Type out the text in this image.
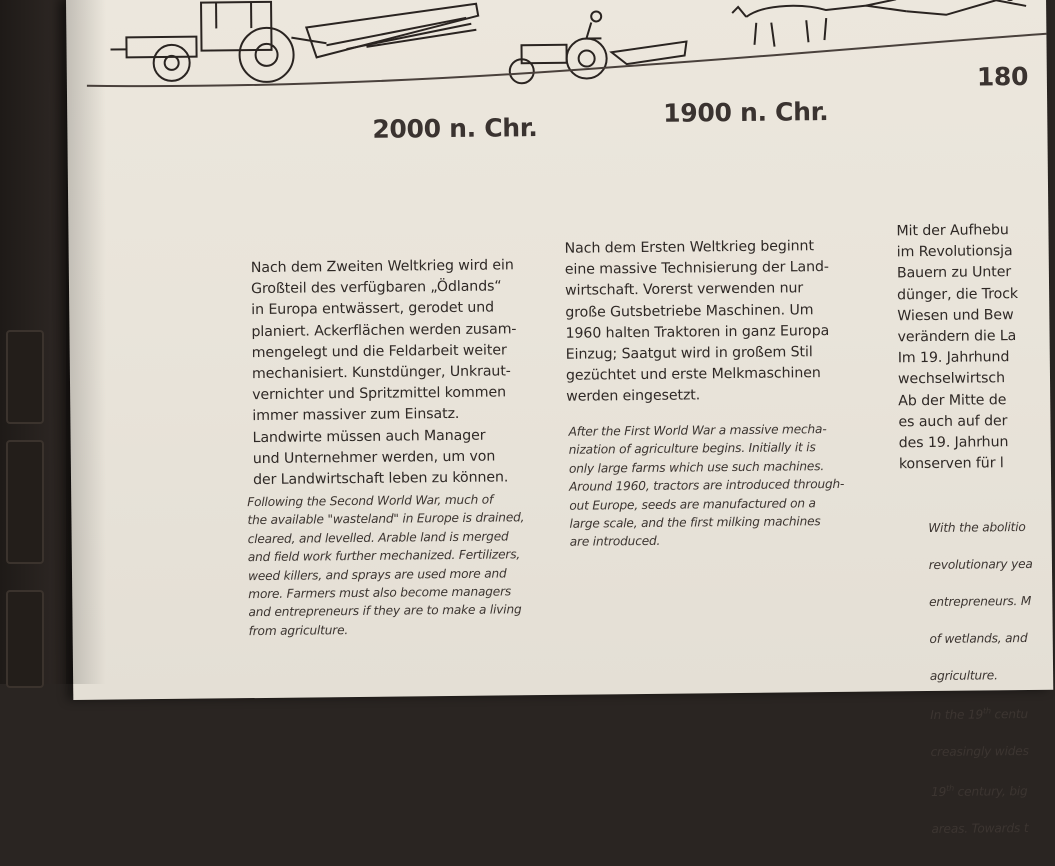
2000 n. Chr.
1900 n. Chr.
180
Nach dem Zweiten Weltkrieg wird ein
Großteil des verfügbaren „Ödlands“
in Europa entwässert, gerodet und
planiert. Ackerflächen werden zusam-
mengelegt und die Feldarbeit weiter
mechanisiert. Kunstdünger, Unkraut-
vernichter und Spritzmittel kommen
immer massiver zum Einsatz.
Landwirte müssen auch Manager
und Unternehmer werden, um von
der Landwirtschaft leben zu können.
Following the Second World War, much of
the available "wasteland" in Europe is drained,
cleared, and levelled. Arable land is merged
and field work further mechanized. Fertilizers,
weed killers, and sprays are used more and
more. Farmers must also become managers
and entrepreneurs if they are to make a living
from agriculture.
Nach dem Ersten Weltkrieg beginnt
eine massive Technisierung der Land-
wirtschaft. Vorerst verwenden nur
große Gutsbetriebe Maschinen. Um
1960 halten Traktoren in ganz Europa
Einzug; Saatgut wird in großem Stil
gezüchtet und erste Melkmaschinen
werden eingesetzt.
After the First World War a massive mecha-
nization of agriculture begins. Initially it is
only large farms which use such machines.
Around 1960, tractors are introduced through-
out Europe, seeds are manufactured on a
large scale, and the first milking machines
are introduced.
Mit der Aufhebu
im Revolutionsja
Bauern zu Unter
dünger, die Trock
Wiesen und Bew
verändern die La
Im 19. Jahrhund
wechselwirtsch
Ab der Mitte de
es auch auf der
des 19. Jahrhun
konserven für l

With the abolitio

revolutionary yea

entrepreneurs. M

of wetlands, and

agriculture.

In the 19th centu

creasingly wides

19th century, big

areas. Towards t
